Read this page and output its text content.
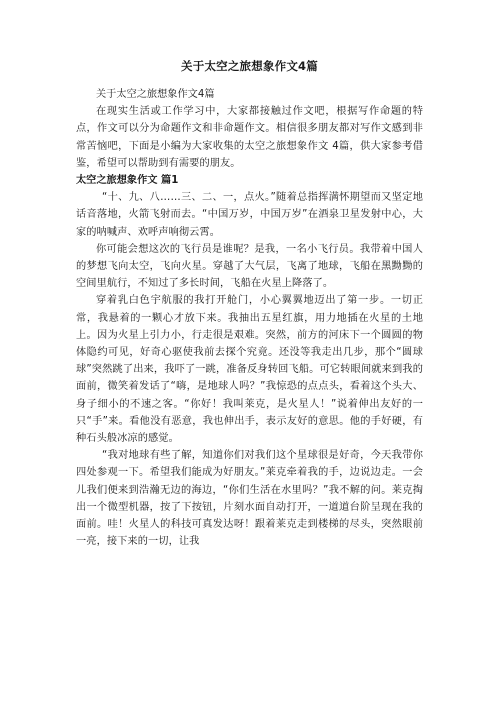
关于太空之旅想象作文4篇

关于太空之旅想象作文4篇

在现实生活或工作学习中，大家都接触过作文吧，根据写作命题的特点，作文可以分为命题作文和非命题作文。相信很多朋友都对写作文感到非常苦恼吧，下面是小编为大家收集的太空之旅想象作文 4篇，供大家参考借鉴，希望可以帮助到有需要的朋友。

太空之旅想象作文 篇1

“十、九、八……三、二、一，点火。”随着总指挥满怀期望而又坚定地话音落地，火箭飞射而去。“中国万岁，中国万岁”在酒泉卫星发射中心，大家的呐喊声、欢呼声响彻云霄。

你可能会想这次的飞行员是谁呢？是我，一名小飞行员。我带着中国人的梦想飞向太空，飞向火星。穿越了大气层，飞离了地球，飞船在黑黝黝的空间里航行，不知过了多长时间，飞船在火星上降落了。

穿着乳白色宇航服的我打开舱门，小心翼翼地迈出了第一步。一切正常，我悬着的一颗心才放下来。我抽出五星红旗，用力地插在火星的土地上。因为火星上引力小，行走很是艰难。突然，前方的河床下一个圆圆的物体隐约可见，好奇心驱使我前去探个究竟。还没等我走出几步，那个“圆球球”突然跳了出来，我吓了一跳，准备反身转回飞船。可它转眼间就来到我的面前，微笑着发话了“嗨，是地球人吗？”我惊恐的点点头，看着这个头大、身子细小的不速之客。“你好！我叫莱克，是火星人！”说着伸出友好的一只“手”来。看他没有恶意，我也伸出手，表示友好的意思。他的手好硬，有种石头般冰凉的感觉。

“我对地球有些了解，知道你们对我们这个星球很是好奇，今天我带你四处参观一下。希望我们能成为好朋友。”莱克牵着我的手，边说边走。一会儿我们便来到浩瀚无边的海边，“你们生活在水里吗？”我不解的问。莱克掏出一个微型机器，按了下按钮，片刻水面自动打开，一道道台阶呈现在我的面前。哇！火星人的科技可真发达呀！跟着莱克走到楼梯的尽头，突然眼前一亮，接下来的一切，让我
